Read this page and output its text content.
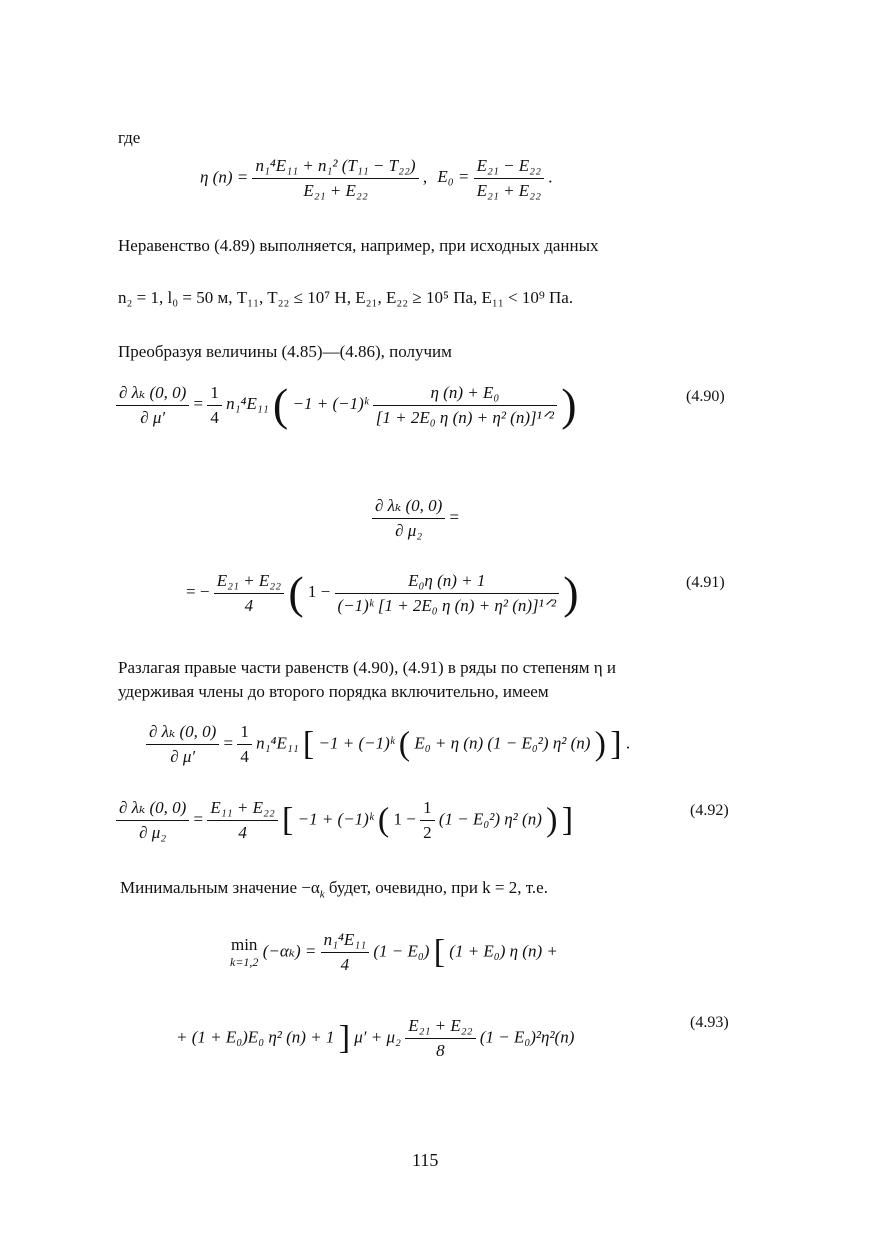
где
η $(n) = \frac{\text{n₁⁴E₁₁ + n₁² (T₁₁ − T₂₂)}}{\text{E₂₁ + E₂₂}}$ , $E_0 = \frac{\text{E₂₁ − E₂₂}}{\text{E₂₁ + E₂₂}}$ .
Неравенство (4.89) выполняется, например, при исходных данных
n₂ = 1, l₀ = 50 м, T₁₁, T₂₂ ≤ 10⁷ Н, E₂₁, E₂₂ ≥ 10⁵ Па, E₁₁ < 10⁹ Па.
Преобразуя величины (4.85)—(4.86), получим
$\frac{\text{∂ λₖ (0, 0)}}{\partial \mu'} = \frac{1}{4} n_1^4E_{11}$ ( −1 + (−1)ᵏ $\frac{\text{η (n) + E₀}}{\text{[1 + 2E₀ η (n) + η² (n)]¹ᐟ²}}$ )	(4.90)
$\frac{\text{∂ λₖ (0, 0)}}{\text{∂ μ₂}}$ =
= − $\frac{\text{E₂₁ + E₂₂}}{4}$ ( $1 - \frac{\text{E₀η (n) + 1}}{\text{(−1)ᵏ [1 + 2E₀ η (n) + η² (n)]¹ᐟ²}}$ )	(4.91)
Разлагая правые части равенств (4.90), (4.91) в ряды по степеням η и
удерживая члены до второго порядка включительно, имеем
$\frac{\text{∂ λₖ (0, 0)}}{\partial \mu'} = \frac{1}{4} n_1^4E_{11}$ [ −1 + (−1)ᵏ ( E₀ + η (n) (1 − E₀²) η² (n) ) ] .
$\frac{\text{∂ λₖ (0, 0)}}{\text{∂ μ₂}} = \frac{\text{E₁₁ + E₂₂}}{4}$ [ −1 + (−1)ᵏ ( $1 - \frac{1}{2} (1 - E_0^2)$ η² (n) ) ]	(4.92)
Минимальным значение $-\alpha_k$ будет, очевидно, при k = 2, т.е.
min
k=1,2
$(-\alpha_k) = \frac{\text{n₁⁴E₁₁}}{4} (1 - E_0)$ [ (1 + E₀) η (n) +
+ (1 + E₀)E₀ η² (n) + 1 ] $\mu' + \mu_2 \frac{\text{E₂₁ + E₂₂}}{8} (1 - E_0)^2\eta^2(n)$
(4.93)
115
